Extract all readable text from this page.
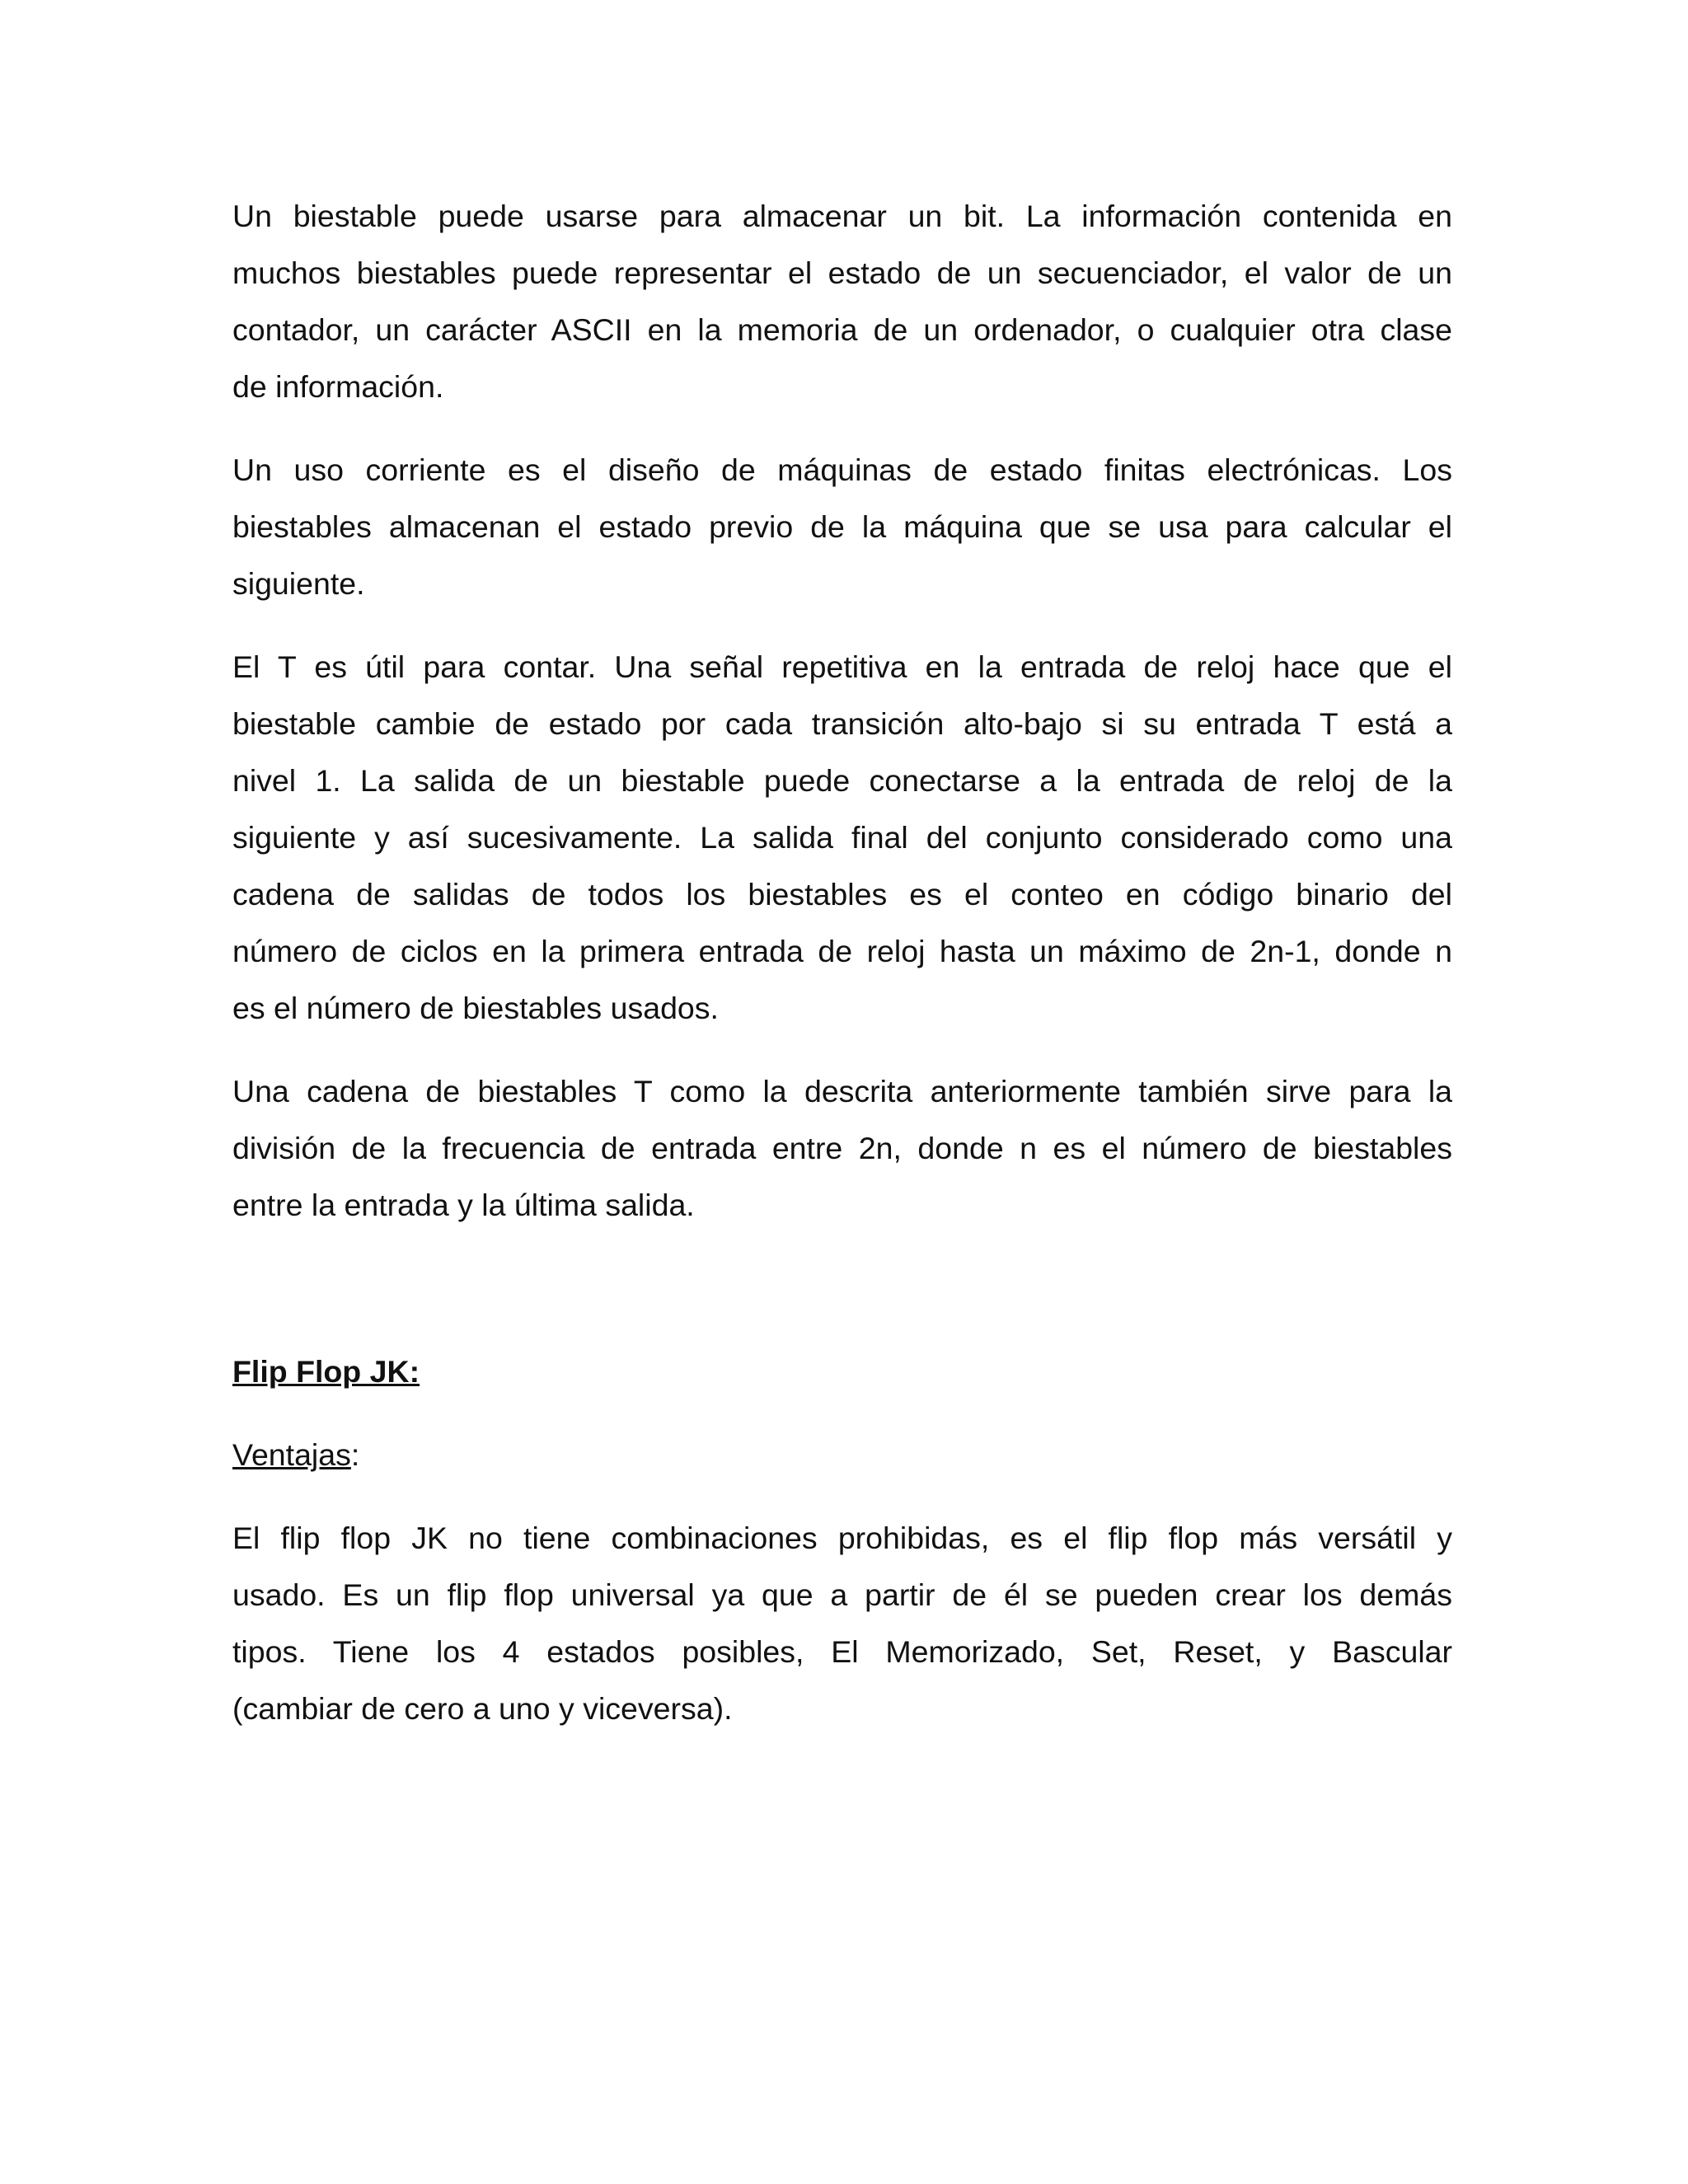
Un biestable puede usarse para almacenar un bit. La información contenida en
muchos biestables puede representar el estado de un secuenciador, el valor de un
contador, un carácter ASCII en la memoria de un ordenador, o cualquier otra clase
de información.

Un uso corriente es el diseño de máquinas de estado finitas electrónicas. Los
biestables almacenan el estado previo de la máquina que se usa para calcular el
siguiente.

El T es útil para contar. Una señal repetitiva en la entrada de reloj hace que el
biestable cambie de estado por cada transición alto-bajo si su entrada T está a
nivel 1. La salida de un biestable puede conectarse a la entrada de reloj de la
siguiente y así sucesivamente. La salida final del conjunto considerado como una
cadena de salidas de todos los biestables es el conteo en código binario del
número de ciclos en la primera entrada de reloj hasta un máximo de 2n-1, donde n
es el número de biestables usados.

Una cadena de biestables T como la descrita anteriormente también sirve para la
división de la frecuencia de entrada entre 2n, donde n es el número de biestables
entre la entrada y la última salida.

Flip Flop JK:
Ventajas:

El flip flop JK no tiene combinaciones prohibidas, es el flip flop más versátil y
usado. Es un flip flop universal ya que a partir de él se pueden crear los demás
tipos. Tiene los 4 estados posibles, El Memorizado, Set, Reset, y Bascular
(cambiar de cero a uno y viceversa).
